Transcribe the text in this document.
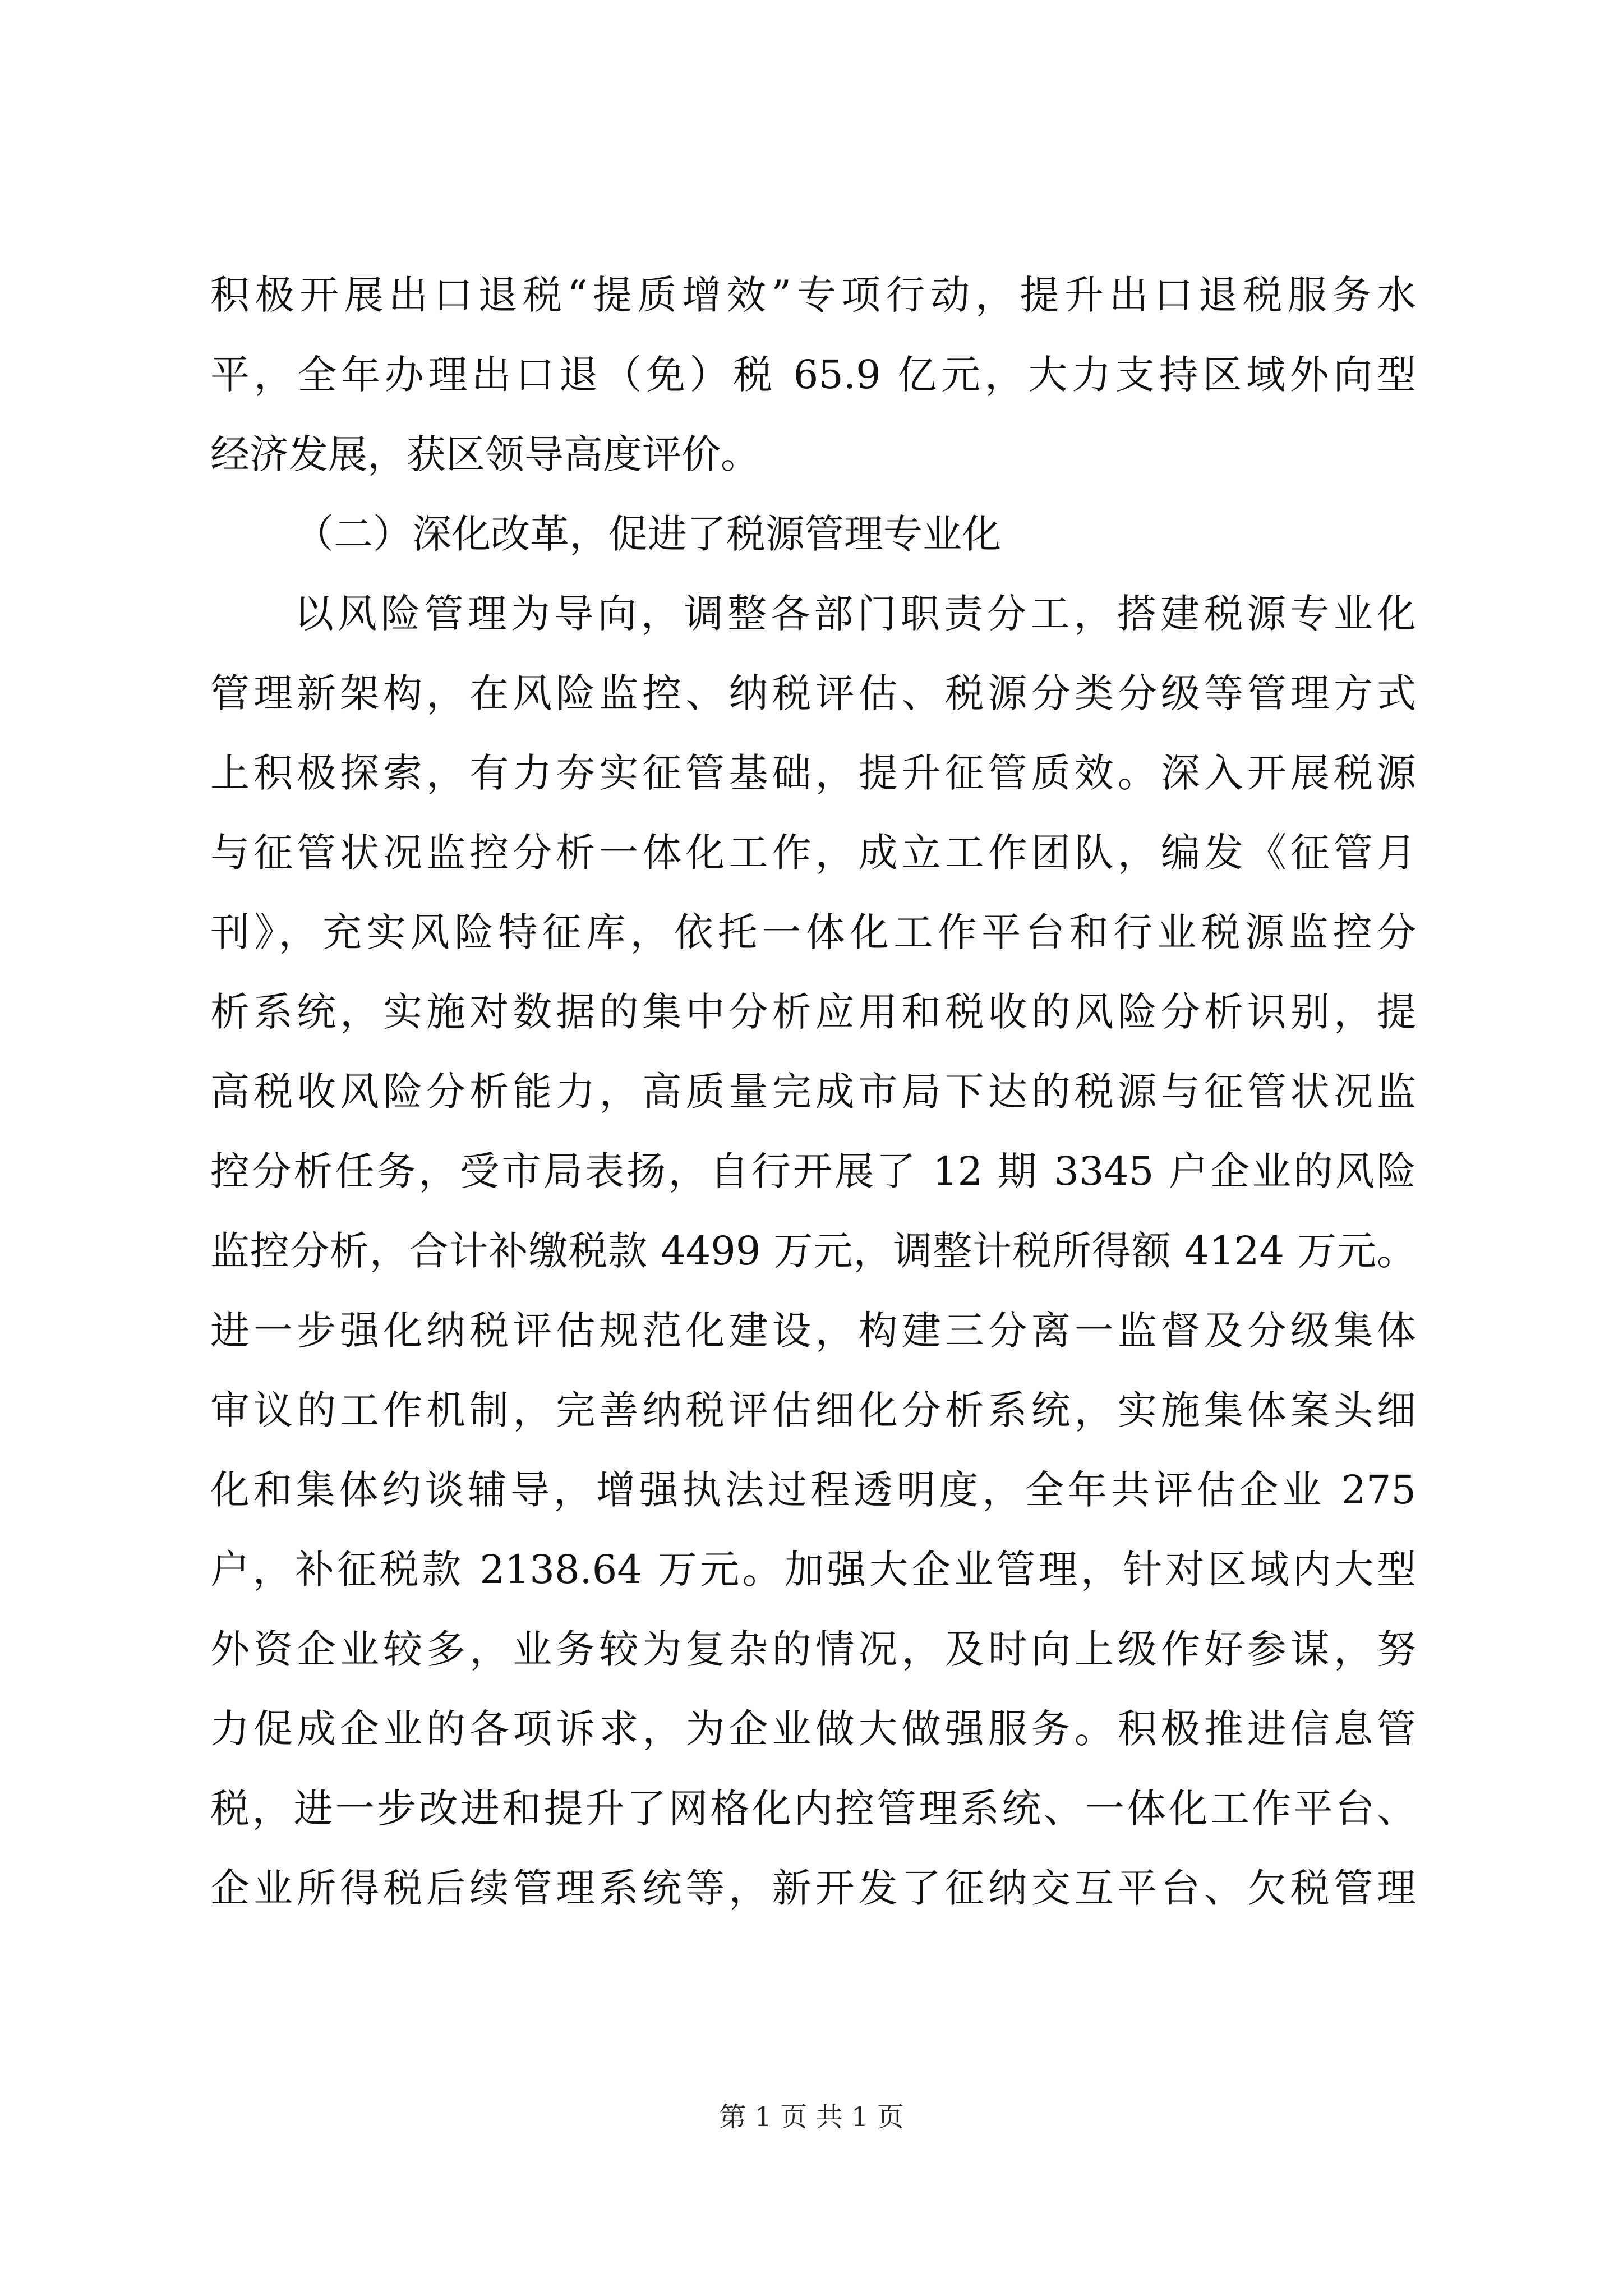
积极开展出口退税“提质增效”专项行动，提升出口退税服务水
平，全年办理出口退（免）税 65.9 亿元，大力支持区域外向型
经济发展，获区领导高度评价。
（二）深化改革，促进了税源管理专业化
以风险管理为导向，调整各部门职责分工，搭建税源专业化
管理新架构，在风险监控、纳税评估、税源分类分级等管理方式
上积极探索，有力夯实征管基础，提升征管质效。深入开展税源
与征管状况监控分析一体化工作，成立工作团队，编发《征管月
刊》，充实风险特征库，依托一体化工作平台和行业税源监控分
析系统，实施对数据的集中分析应用和税收的风险分析识别，提
高税收风险分析能力，高质量完成市局下达的税源与征管状况监
控分析任务，受市局表扬，自行开展了 12 期 3345 户企业的风险
监控分析，合计补缴税款 4499 万元，调整计税所得额 4124 万元。
进一步强化纳税评估规范化建设，构建三分离一监督及分级集体
审议的工作机制，完善纳税评估细化分析系统，实施集体案头细
化和集体约谈辅导，增强执法过程透明度，全年共评估企业 275
户，补征税款 2138.64 万元。加强大企业管理，针对区域内大型
外资企业较多，业务较为复杂的情况，及时向上级作好参谋，努
力促成企业的各项诉求，为企业做大做强服务。积极推进信息管
税，进一步改进和提升了网格化内控管理系统、一体化工作平台、
企业所得税后续管理系统等，新开发了征纳交互平台、欠税管理
第 1 页 共 1 页
